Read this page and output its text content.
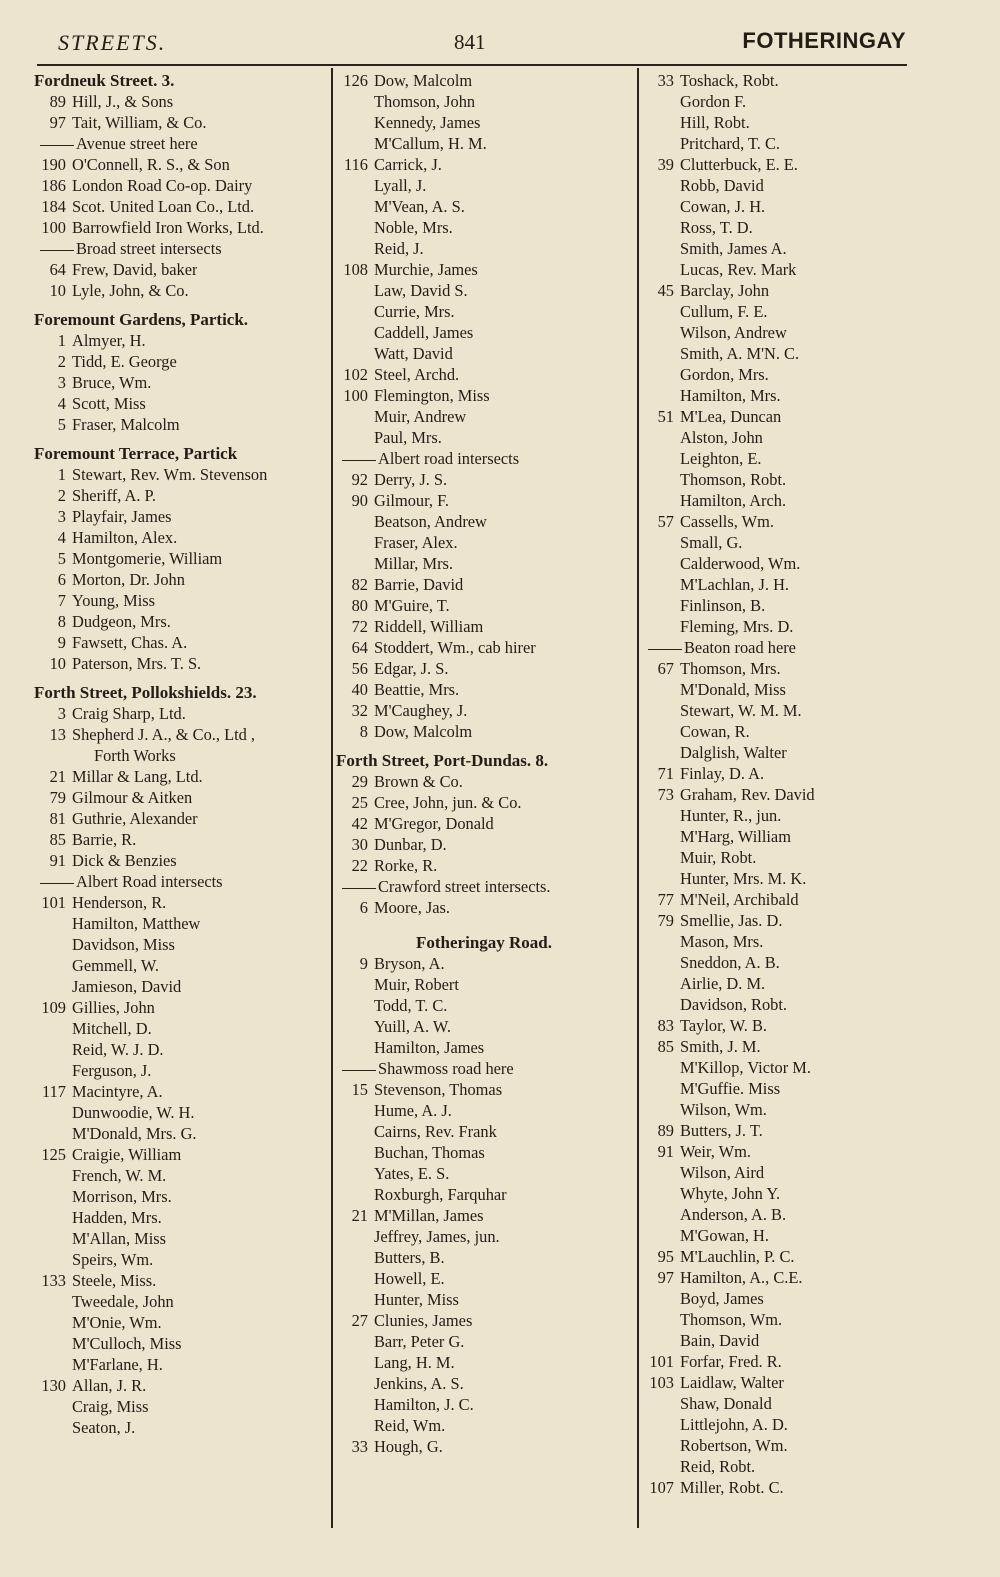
STREETS.	841	FOTHERINGAY
Fordneuk Street. 3.
89 Hill, J., & Sons
97 Tait, William, & Co.
Avenue street here
190 O'Connell, R. S., & Son
186 London Road Co-op. Dairy
184 Scot. United Loan Co., Ltd.
100 Barrowfield Iron Works, Ltd.
Broad street intersects
64 Frew, David, baker
10 Lyle, John, & Co.
Foremount Gardens, Partick.
1 Almyer, H.
2 Tidd, E. George
3 Bruce, Wm.
4 Scott, Miss
5 Fraser, Malcolm
Foremount Terrace, Partick
1 Stewart, Rev. Wm. Stevenson
2 Sheriff, A. P.
3 Playfair, James
4 Hamilton, Alex.
5 Montgomerie, William
6 Morton, Dr. John
7 Young, Miss
8 Dudgeon, Mrs.
9 Fawsett, Chas. A.
10 Paterson, Mrs. T. S.
Forth Street, Pollokshields. 23.
3 Craig Sharp, Ltd.
13 Shepherd J. A., & Co., Ltd ,
Forth Works
21 Millar & Lang, Ltd.
79 Gilmour & Aitken
81 Guthrie, Alexander
85 Barrie, R.
91 Dick & Benzies
Albert Road intersects
101 Henderson, R.
Hamilton, Matthew
Davidson, Miss
Gemmell, W.
Jamieson, David
109 Gillies, John
Mitchell, D.
Reid, W. J. D.
Ferguson, J.
117 Macintyre, A.
Dunwoodie, W. H.
M'Donald, Mrs. G.
125 Craigie, William
French, W. M.
Morrison, Mrs.
Hadden, Mrs.
M'Allan, Miss
Speirs, Wm.
133 Steele, Miss.
Tweedale, John
M'Onie, Wm.
M'Culloch, Miss
M'Farlane, H.
130 Allan, J. R.
Craig, Miss
Seaton, J.
126 Dow, Malcolm
Thomson, John
Kennedy, James
M'Callum, H. M.
116 Carrick, J.
Lyall, J.
M'Vean, A. S.
Noble, Mrs.
Reid, J.
108 Murchie, James
Law, David S.
Currie, Mrs.
Caddell, James
Watt, David
102 Steel, Archd.
100 Flemington, Miss
Muir, Andrew
Paul, Mrs.
Albert road intersects
92 Derry, J. S.
90 Gilmour, F.
Beatson, Andrew
Fraser, Alex.
Millar, Mrs.
82 Barrie, David
80 M'Guire, T.
72 Riddell, William
64 Stoddert, Wm., cab hirer
56 Edgar, J. S.
40 Beattie, Mrs.
32 M'Caughey, J.
8 Dow, Malcolm
Forth Street, Port-Dundas. 8.
29 Brown & Co.
25 Cree, John, jun. & Co.
42 M'Gregor, Donald
30 Dunbar, D.
22 Rorke, R.
Crawford street intersects.
6 Moore, Jas.
Fotheringay Road.
9 Bryson, A.
Muir, Robert
Todd, T. C.
Yuill, A. W.
Hamilton, James
Shawmoss road here
15 Stevenson, Thomas
Hume, A. J.
Cairns, Rev. Frank
Buchan, Thomas
Yates, E. S.
Roxburgh, Farquhar
21 M'Millan, James
Jeffrey, James, jun.
Butters, B.
Howell, E.
Hunter, Miss
27 Clunies, James
Barr, Peter G.
Lang, H. M.
Jenkins, A. S.
Hamilton, J. C.
Reid, Wm.
33 Hough, G.
33 Toshack, Robt.
Gordon F.
Hill, Robt.
Pritchard, T. C.
39 Clutterbuck, E. E.
Robb, David
Cowan, J. H.
Ross, T. D.
Smith, James A.
Lucas, Rev. Mark
45 Barclay, John
Cullum, F. E.
Wilson, Andrew
Smith, A. M'N. C.
Gordon, Mrs.
Hamilton, Mrs.
51 M'Lea, Duncan
Alston, John
Leighton, E.
Thomson, Robt.
Hamilton, Arch.
57 Cassells, Wm.
Small, G.
Calderwood, Wm.
M'Lachlan, J. H.
Finlinson, B.
Fleming, Mrs. D.
Beaton road here
67 Thomson, Mrs.
M'Donald, Miss
Stewart, W. M. M.
Cowan, R.
Dalglish, Walter
71 Finlay, D. A.
73 Graham, Rev. David
Hunter, R., jun.
M'Harg, William
Muir, Robt.
Hunter, Mrs. M. K.
77 M'Neil, Archibald
79 Smellie, Jas. D.
Mason, Mrs.
Sneddon, A. B.
Airlie, D. M.
Davidson, Robt.
83 Taylor, W. B.
85 Smith, J. M.
M'Killop, Victor M.
M'Guffie. Miss
Wilson, Wm.
89 Butters, J. T.
91 Weir, Wm.
Wilson, Aird
Whyte, John Y.
Anderson, A. B.
M'Gowan, H.
95 M'Lauchlin, P. C.
97 Hamilton, A., C.E.
Boyd, James
Thomson, Wm.
Bain, David
101 Forfar, Fred. R.
103 Laidlaw, Walter
Shaw, Donald
Littlejohn, A. D.
Robertson, Wm.
Reid, Robt.
107 Miller, Robt. C.
